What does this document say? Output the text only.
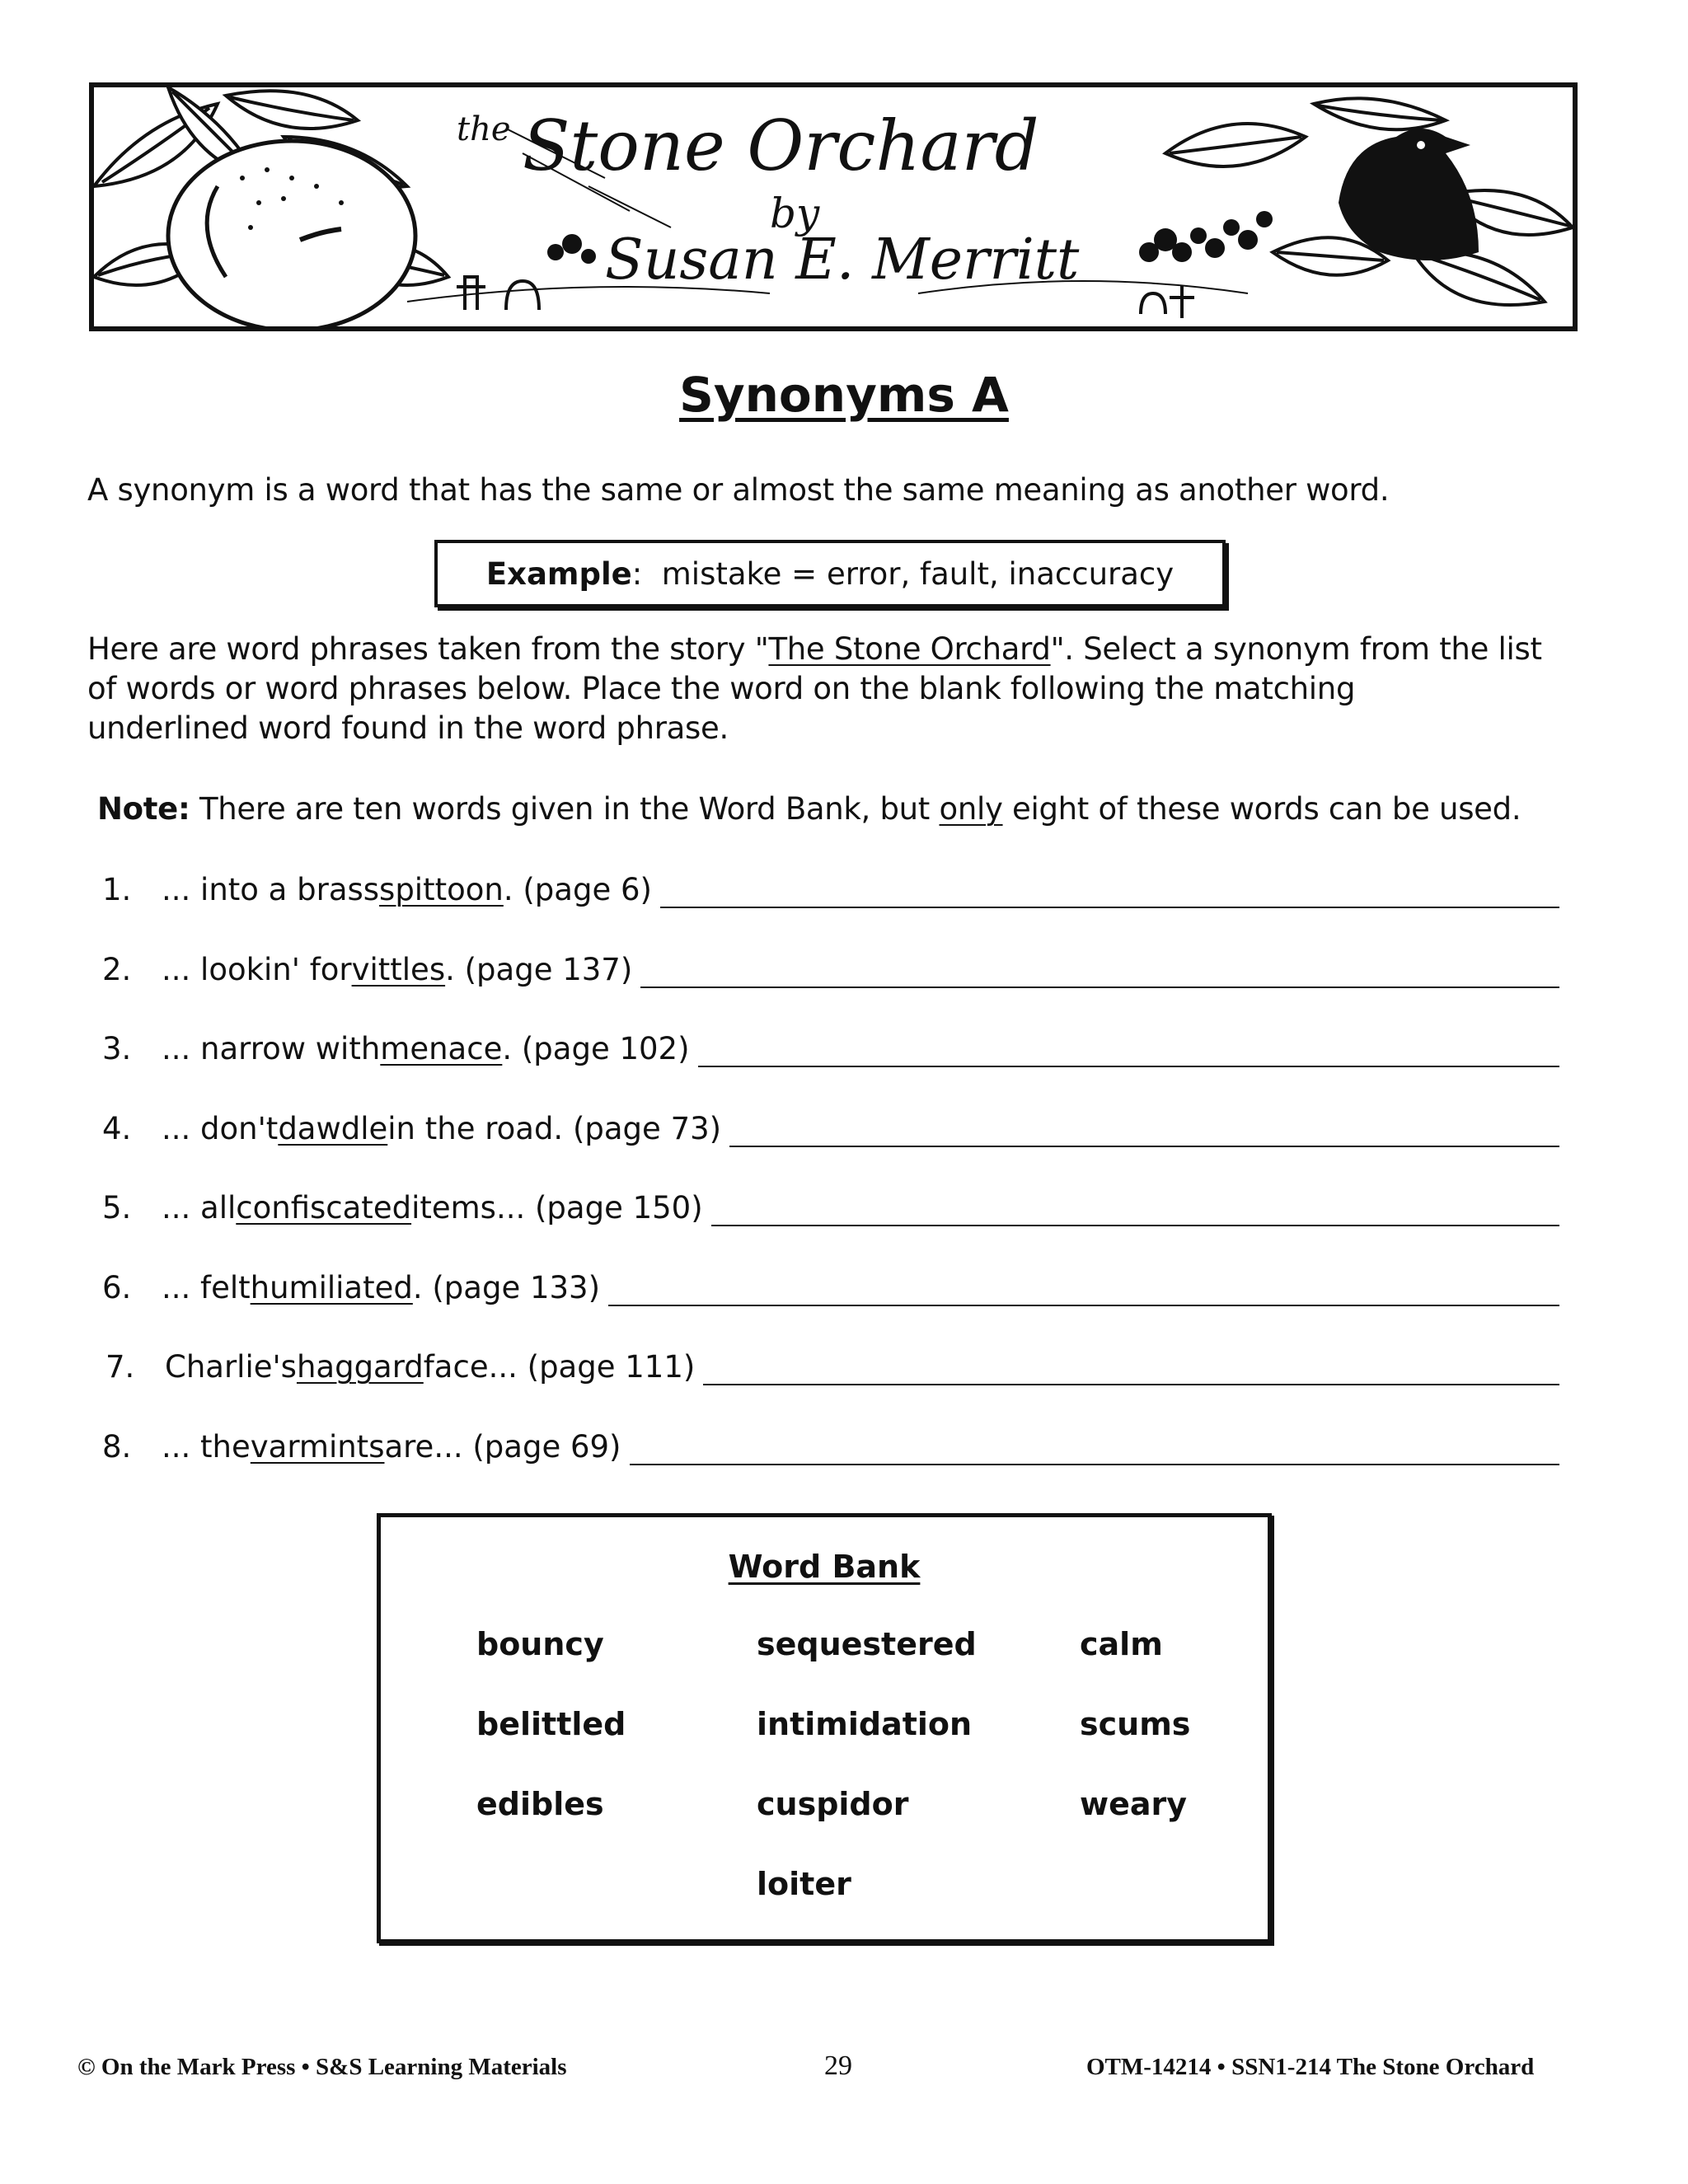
the Stone Orchard
by
Susan E. Merritt
Synonyms A
A synonym is a word that has the same or almost the same meaning as another word.
Example :
mistake = error, fault, inaccuracy
Here are word phrases taken from the story "The Stone Orchard". Select a synonym from the list
of words or word phrases below. Place the word on the blank following the matching
underlined word found in the word phrase.
Note: There are ten words given in the Word Bank, but only eight of these words can be used.
1. ... into a brass spittoon . (page 6)
2. ... lookin' for vittles . (page 137)
3. ... narrow with menace . (page 102)
4. ... don't dawdle in the road. (page 73)
5. ... all confiscated items... (page 150)
6. ... felt humiliated . (page 133)
7. Charlie's haggard face... (page 111)
8. ... the varmints are... (page 69)
Word Bank
bouncy
belittled
edibles
sequestered
intimidation
cuspidor
loiter
calm
scums
weary
© On the Mark Press • S&S Learning Materials	29	OTM-14214 • SSN1-214 The Stone Orchard
